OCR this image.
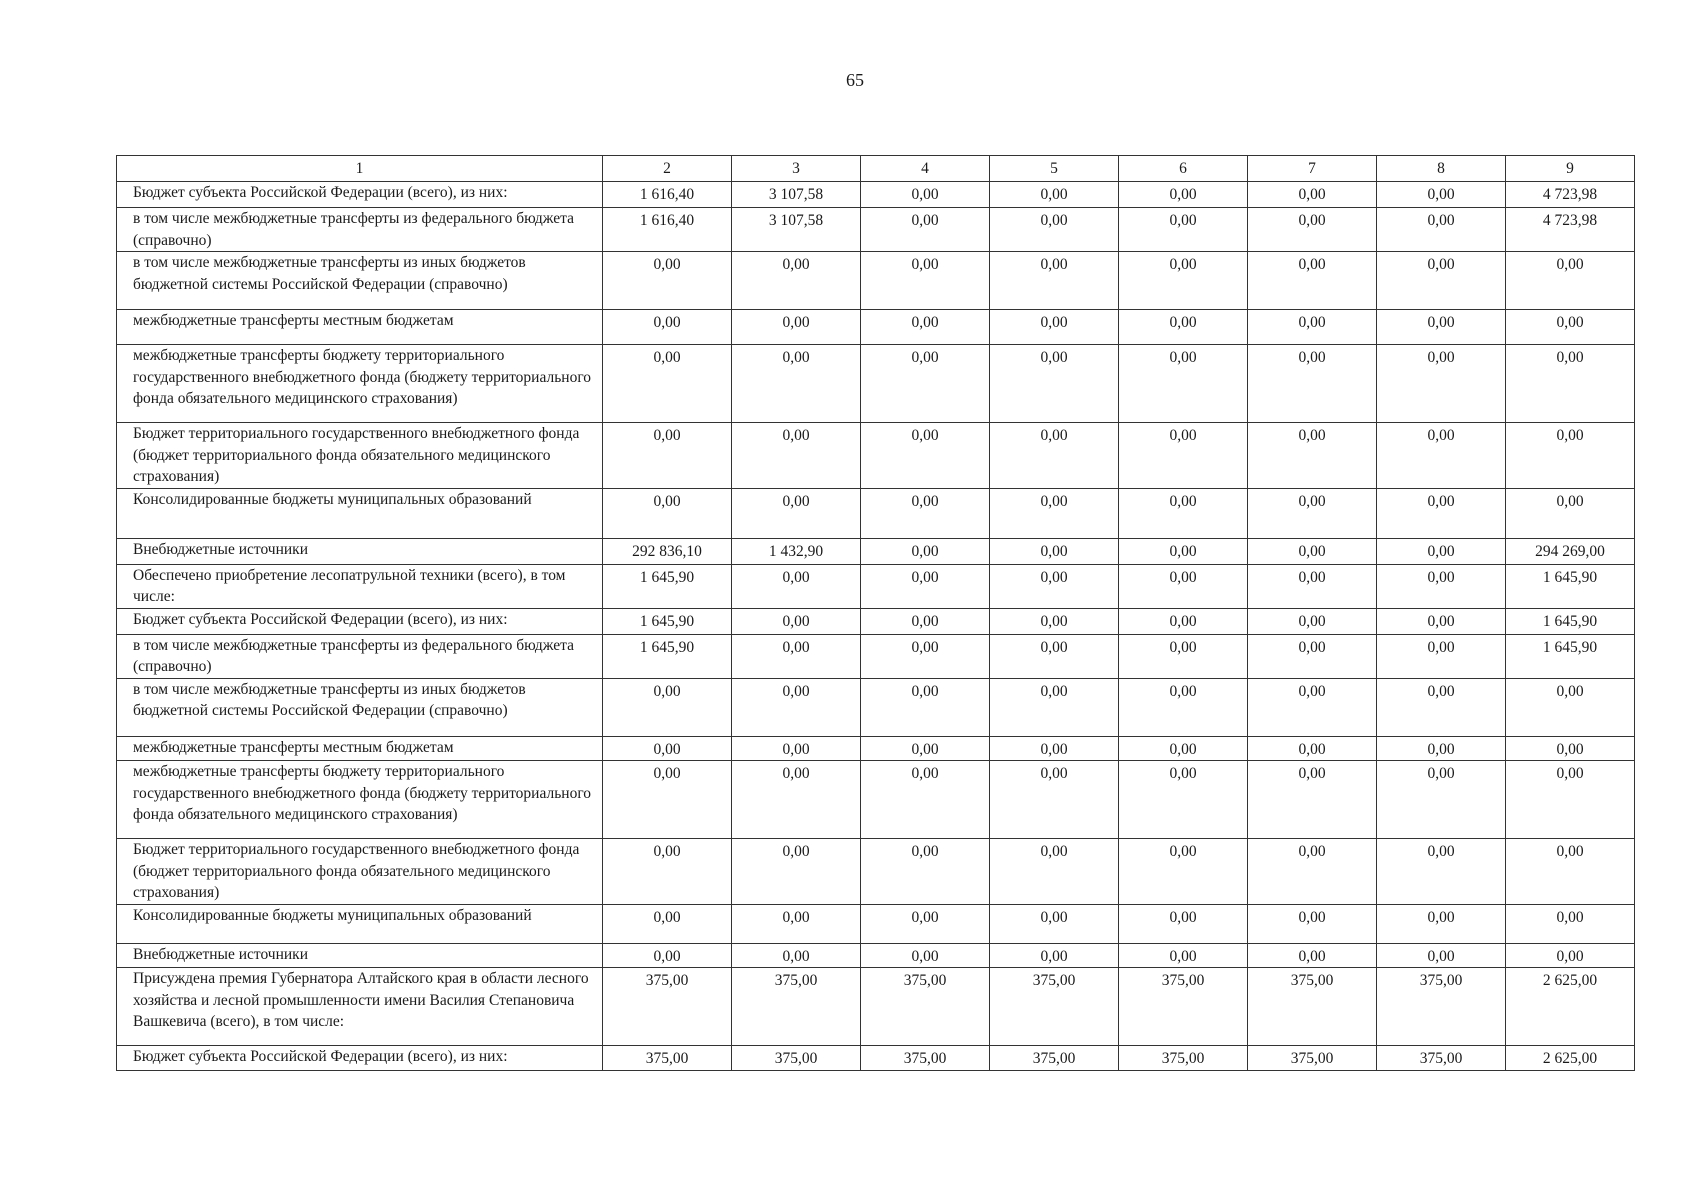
65
1	2	3	4	5	6	7	8	9
Бюджет субъекта Российской Федерации (всего), из них:	1 616,40	3 107,58	0,00	0,00	0,00	0,00	0,00	4 723,98
в том числе межбюджетные трансферты из федерального бюджета (справочно)	1 616,40	3 107,58	0,00	0,00	0,00	0,00	0,00	4 723,98
в том числе межбюджетные трансферты из иных бюджетов бюджетной системы Российской Федерации (справочно)	0,00	0,00	0,00	0,00	0,00	0,00	0,00	0,00
межбюджетные трансферты местным бюджетам	0,00	0,00	0,00	0,00	0,00	0,00	0,00	0,00
межбюджетные трансферты бюджету территориального государственного внебюджетного фонда (бюджету территориального фонда обязательного медицинского страхования)	0,00	0,00	0,00	0,00	0,00	0,00	0,00	0,00
Бюджет территориального государственного внебюджетного фонда (бюджет территориального фонда обязательного медицинского страхования)	0,00	0,00	0,00	0,00	0,00	0,00	0,00	0,00
Консолидированные бюджеты муниципальных образований	0,00	0,00	0,00	0,00	0,00	0,00	0,00	0,00
Внебюджетные источники	292 836,10	1 432,90	0,00	0,00	0,00	0,00	0,00	294 269,00
Обеспечено приобретение лесопатрульной техники (всего), в том числе:	1 645,90	0,00	0,00	0,00	0,00	0,00	0,00	1 645,90
Бюджет субъекта Российской Федерации (всего), из них:	1 645,90	0,00	0,00	0,00	0,00	0,00	0,00	1 645,90
в том числе межбюджетные трансферты из федерального бюджета (справочно)	1 645,90	0,00	0,00	0,00	0,00	0,00	0,00	1 645,90
в том числе межбюджетные трансферты из иных бюджетов бюджетной системы Российской Федерации (справочно)	0,00	0,00	0,00	0,00	0,00	0,00	0,00	0,00
межбюджетные трансферты местным бюджетам	0,00	0,00	0,00	0,00	0,00	0,00	0,00	0,00
межбюджетные трансферты бюджету территориального государственного внебюджетного фонда (бюджету территориального фонда обязательного медицинского страхования)	0,00	0,00	0,00	0,00	0,00	0,00	0,00	0,00
Бюджет территориального государственного внебюджетного фонда (бюджет территориального фонда обязательного медицинского страхования)	0,00	0,00	0,00	0,00	0,00	0,00	0,00	0,00
Консолидированные бюджеты муниципальных образований	0,00	0,00	0,00	0,00	0,00	0,00	0,00	0,00
Внебюджетные источники	0,00	0,00	0,00	0,00	0,00	0,00	0,00	0,00
Присуждена премия Губернатора Алтайского края в области лесного хозяйства и лесной промышленности имени Василия Степановича Вашкевича (всего), в том числе:	375,00	375,00	375,00	375,00	375,00	375,00	375,00	2 625,00
Бюджет субъекта Российской Федерации (всего), из них:	375,00	375,00	375,00	375,00	375,00	375,00	375,00	2 625,00
